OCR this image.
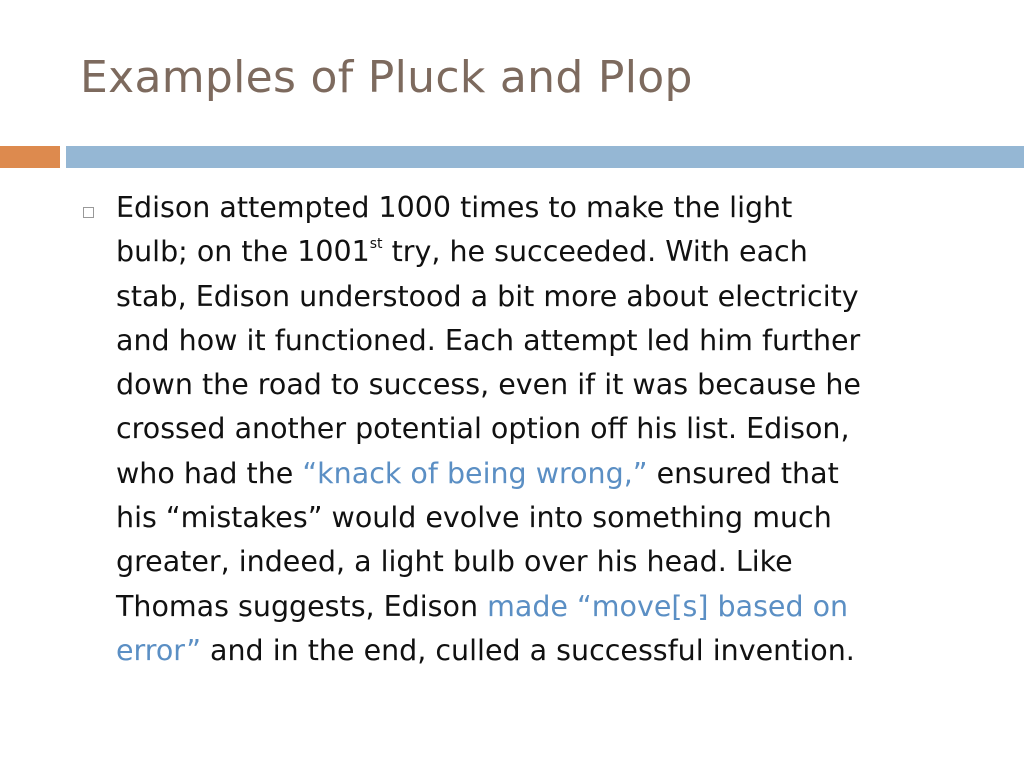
Examples of Pluck and Plop

Edison attempted 1000 times to make the light
bulb; on the 1001st try, he succeeded. With each
stab, Edison understood a bit more about electricity
and how it functioned. Each attempt led him further
down the road to success, even if it was because he
crossed another potential option off his list. Edison,
who had the “knack of being wrong,” ensured that
his “mistakes” would evolve into something much
greater, indeed, a light bulb over his head. Like
Thomas suggests, Edison made “move[s] based on
error” and in the end, culled a successful invention.
